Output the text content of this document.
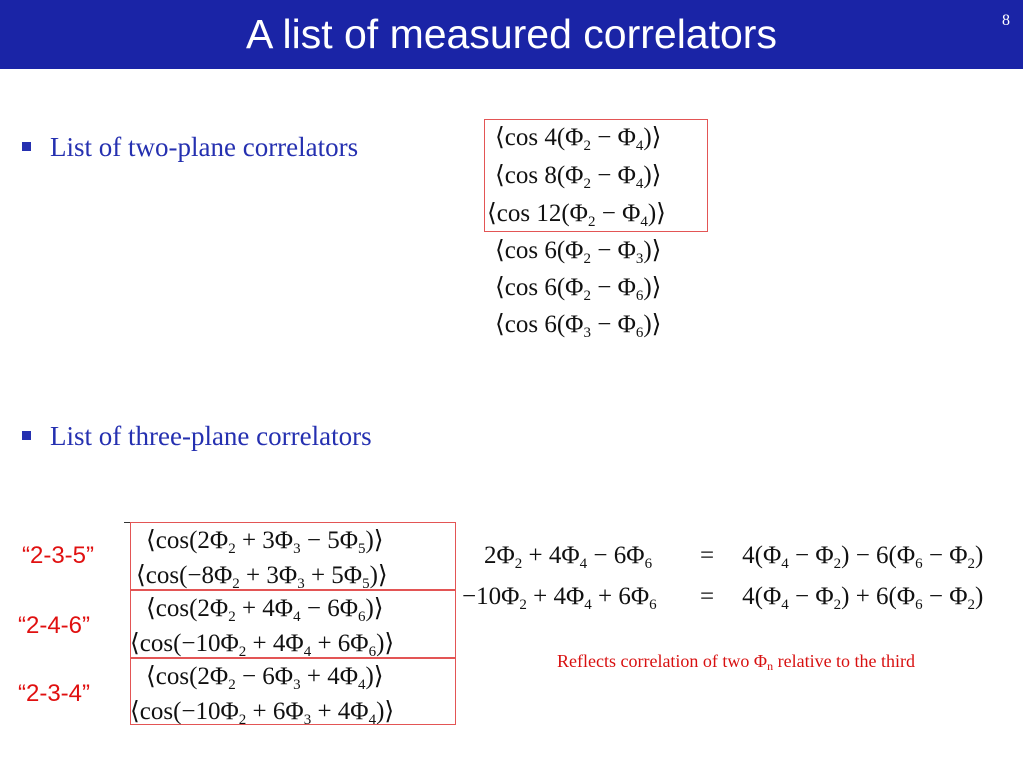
A list of measured correlators	8
List of two-plane correlators
List of three-plane correlators
⟨cos $4(\Phi_2$ − $\Phi_4)⟩$
⟨cos $8(\Phi_2$ − $\Phi_4)⟩$
⟨cos $12(\Phi_2$ − $\Phi_4)⟩$
⟨cos $6(\Phi_2$ − $\Phi_3)⟩$
⟨cos $6(\Phi_2$ − $\Phi_6)⟩$
⟨cos $6(\Phi_3$ − $\Phi_6)⟩$
$⟨\cos(2\Phi_2 + 3\Phi_3$ − $5\Phi_5)⟩$
$⟨\cos(-8\Phi_2 + 3\Phi_3$ + $5\Phi_5)⟩$
$⟨\cos(2\Phi_2 + 4\Phi_4$ − $6\Phi_6)⟩$
$⟨\cos(-10\Phi_2 + 4\Phi_4$ + $6\Phi_6)⟩$
$⟨\cos(2\Phi_2 - 6\Phi_3$ + $4\Phi_4)⟩$
$⟨\cos(-10\Phi_2 + 6\Phi_3$ + $4\Phi_4)⟩$
“2-3-5”
“2-4-6”
“2-3-4”
$2\Phi_2 + 4\Phi_4 - 6\Phi_6 = 4(\Phi_4 - \Phi_2) - 6(\Phi_6 - \Phi_2)$
$-10\Phi_2 + 4\Phi_4 + 6\Phi_6 = 4(\Phi_4 - \Phi_2) + 6(\Phi_6 - \Phi_2)$
Reflects correlation of two $\Phi_n$ relative to the third
